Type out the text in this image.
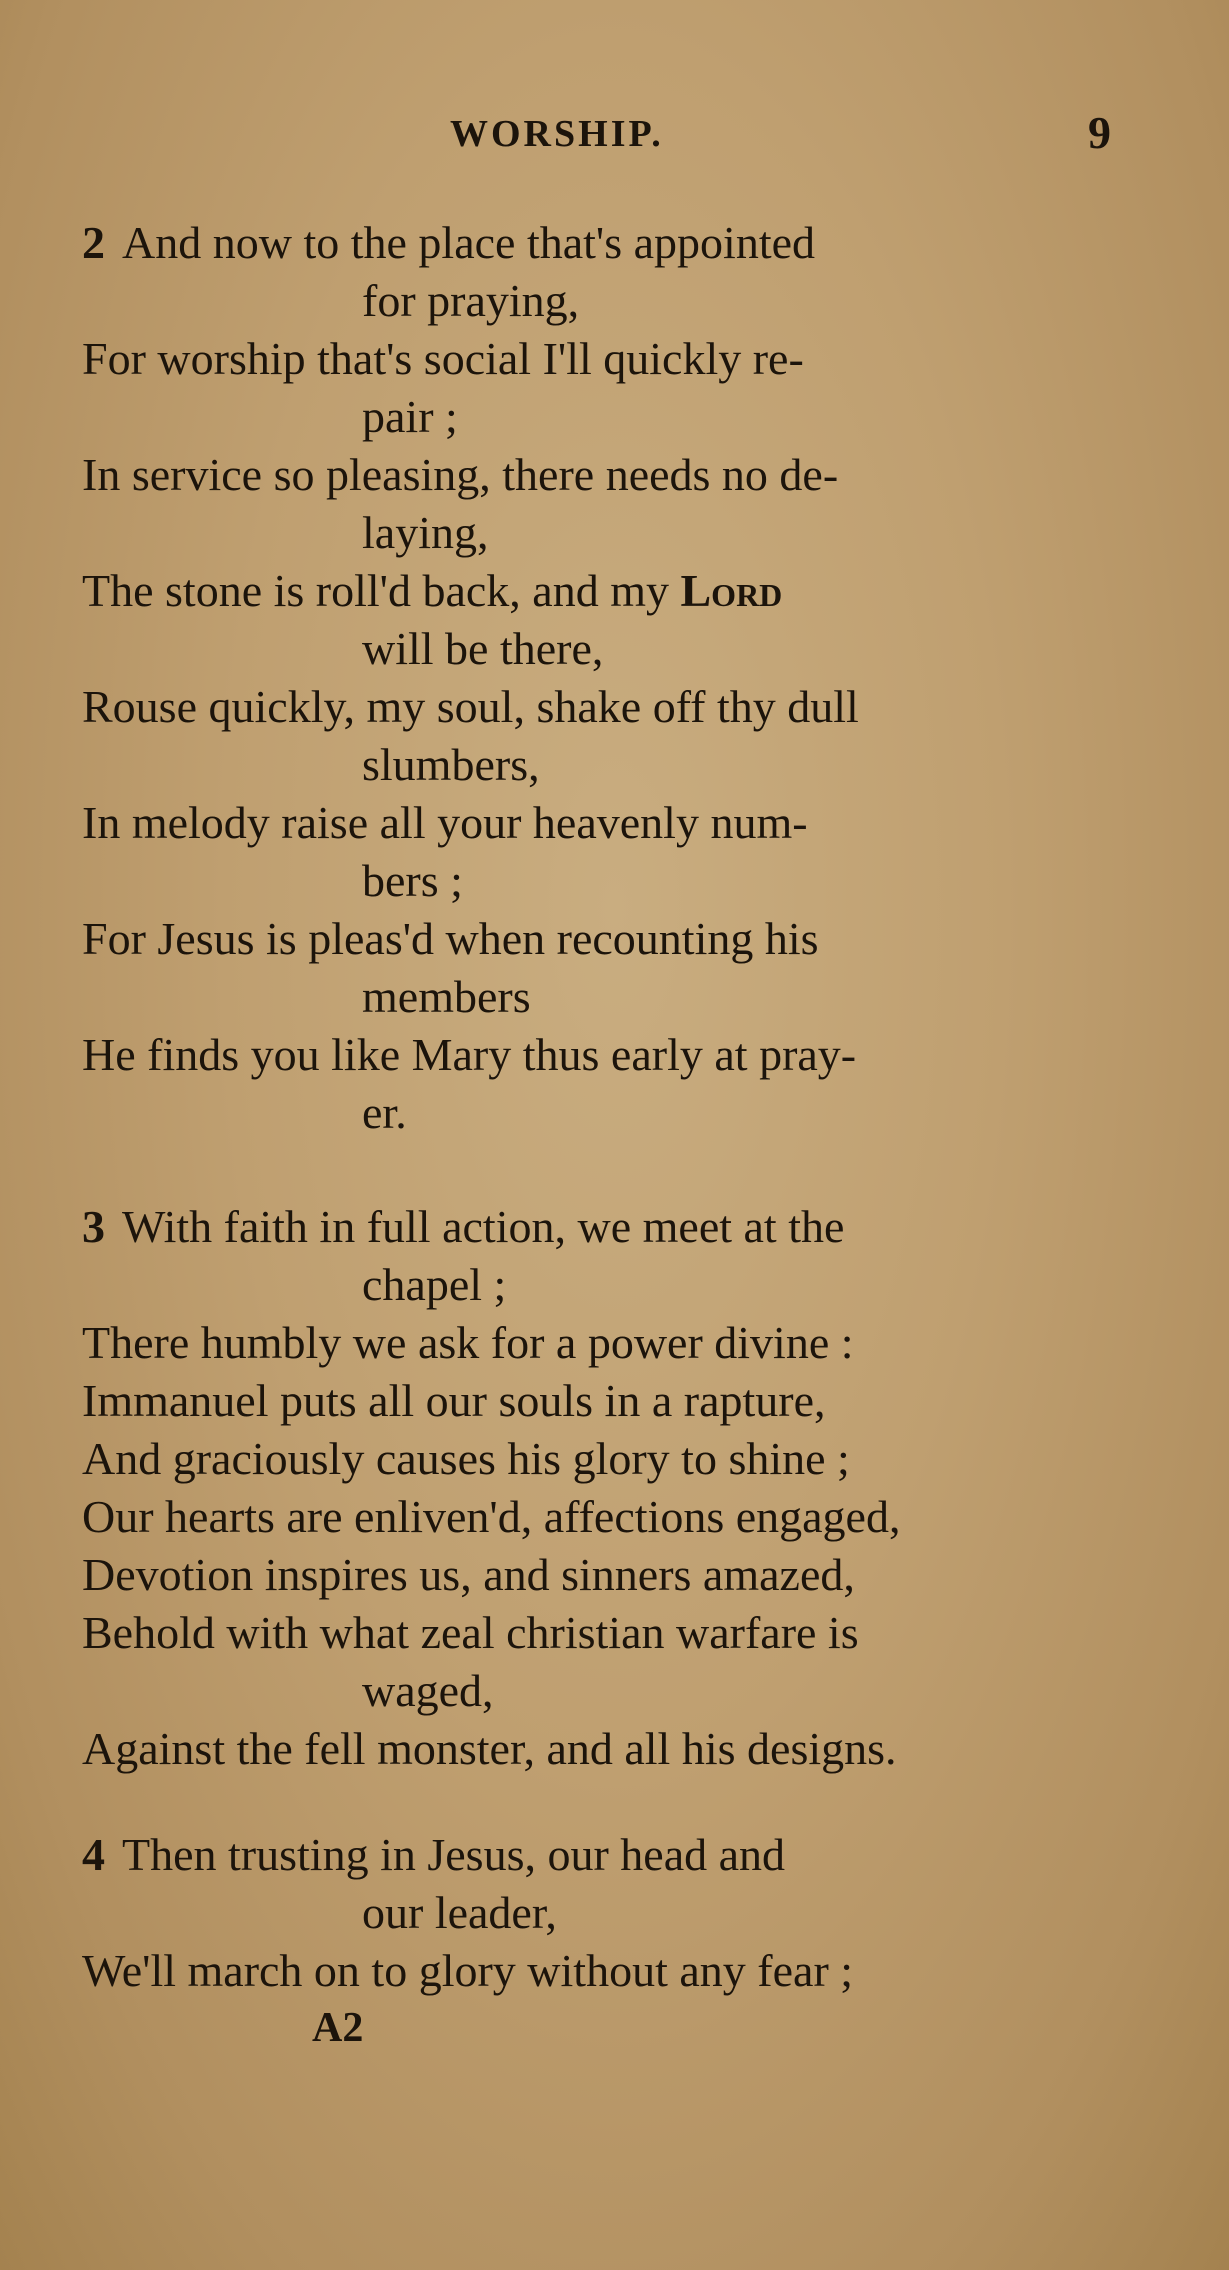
WORSHIP.	9
2 And now to the place that's appointed
for praying,
For worship that's social I'll quickly re-
pair ;
In service so pleasing, there needs no de-
laying,
The stone is roll'd back, and my Lord
will be there,
Rouse quickly, my soul, shake off thy dull
slumbers,
In melody raise all your heavenly num-
bers ;
For Jesus is pleas'd when recounting his
members
He finds you like Mary thus early at pray-
er.
3 With faith in full action, we meet at the
chapel ;
There humbly we ask for a power divine :
Immanuel puts all our souls in a rapture,
And graciously causes his glory to shine ;
Our hearts are enliven'd, affections engaged,
Devotion inspires us, and sinners amazed,
Behold with what zeal christian warfare is
waged,
Against the fell monster, and all his designs.
4 Then trusting in Jesus, our head and
our leader,
We'll march on to glory without any fear ;
A2
